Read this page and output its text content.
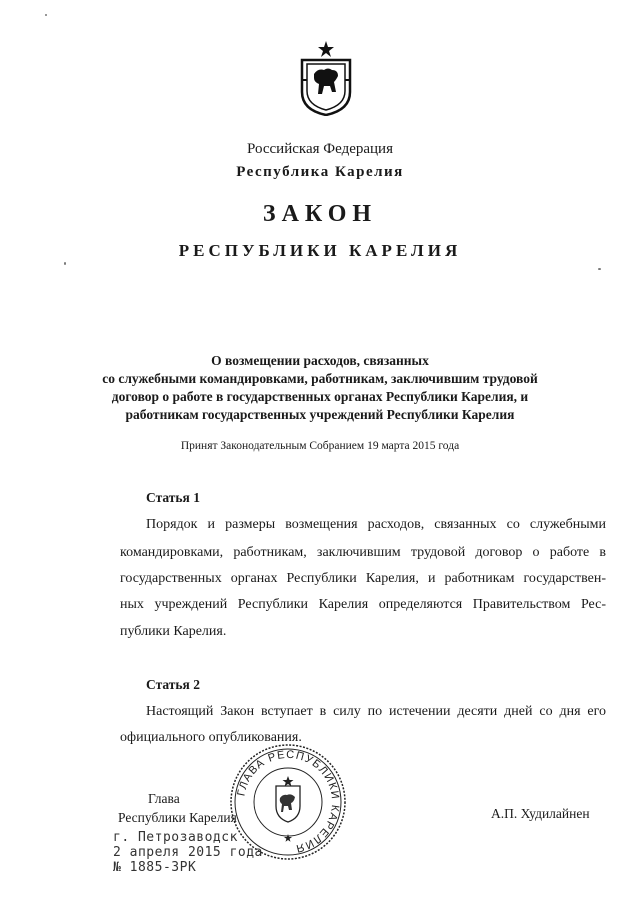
Российская Федерация
Республика Карелия
ЗАКОН
РЕСПУБЛИКИ КАРЕЛИЯ
О возмещении расходов, связанных
со служебными командировками, работникам, заключившим трудовой
договор о работе в государственных органах Республики Карелия, и
работникам государственных учреждений Республики Карелия
Принят Законодательным Собранием 19 марта 2015 года
Статья 1
Порядок и размеры возмещения расходов, связанных со служебными
командировками, работникам, заключившим трудовой договор о работе в
государственных органах Республики Карелия, и работникам государствен-
ных учреждений Республики Карелия определяются Правительством Рес-
публики Карелия.
Статья 2
Настоящий Закон вступает в силу по истечении десяти дней со дня его
официального опубликования.
ГЛАВА РЕСПУБЛИКИ КАРЕЛИЯ
Глава
Республики Карелия	А.П. Худилайнен
г. Петрозаводск
2 апреля 2015 года
№ 1885-ЗРК
